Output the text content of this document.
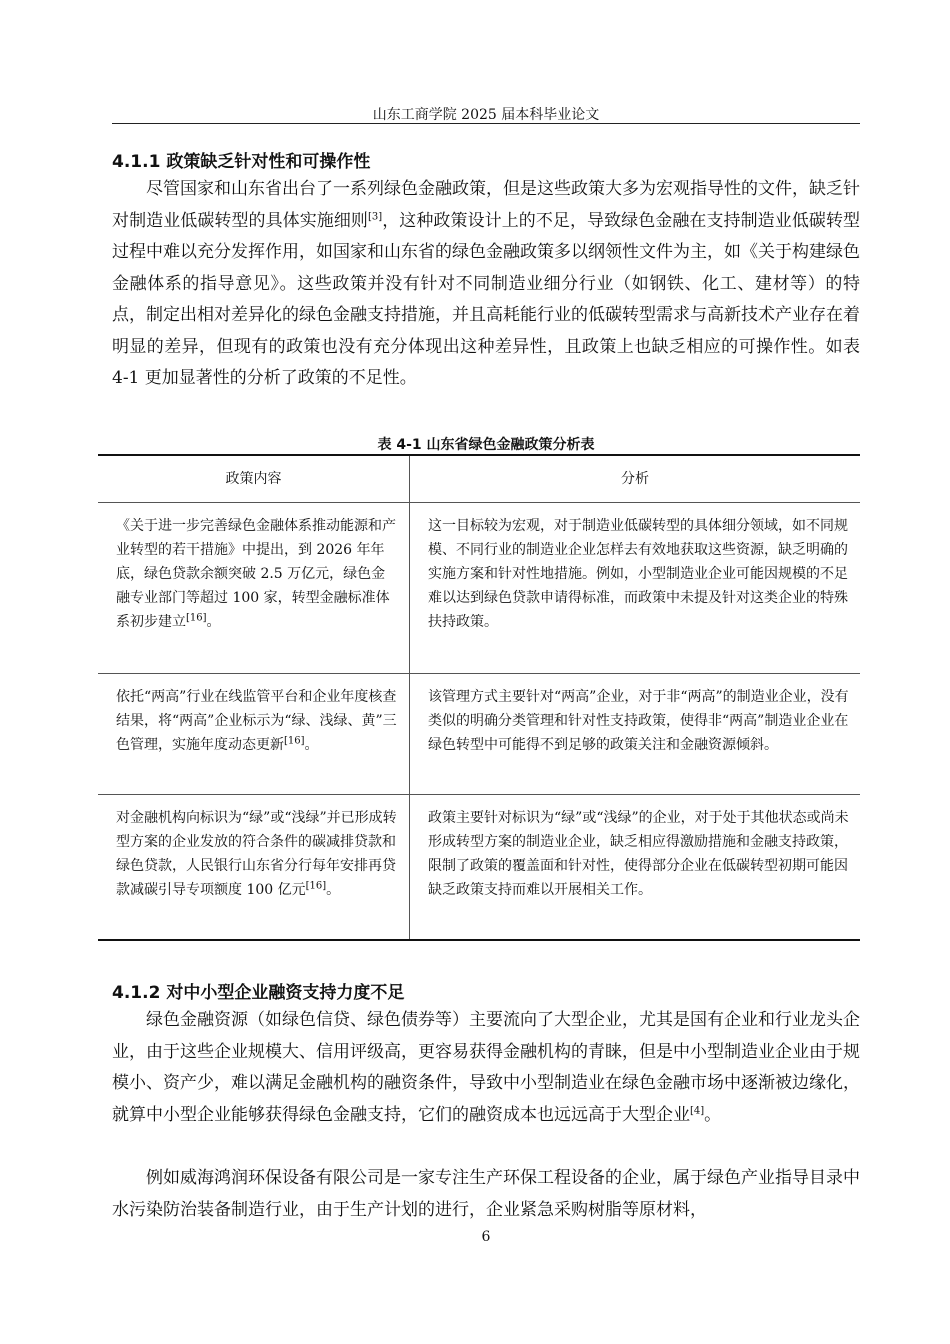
山东工商学院 2025 届本科毕业论文
4.1.1 政策缺乏针对性和可操作性

尽管国家和山东省出台了一系列绿色金融政策，但是这些政策大多为宏观指导性的文件，缺乏针对制造业低碳转型的具体实施细则[3]，这种政策设计上的不足，导致绿色金融在支持制造业低碳转型过程中难以充分发挥作用，如国家和山东省的绿色金融政策多以纲领性文件为主，如《关于构建绿色金融体系的指导意见》。这些政策并没有针对不同制造业细分行业（如钢铁、化工、建材等）的特点，制定出相对差异化的绿色金融支持措施，并且高耗能行业的低碳转型需求与高新技术产业存在着明显的差异，但现有的政策也没有充分体现出这种差异性，且政策上也缺乏相应的可操作性。如表 4-1 更加显著性的分析了政策的不足性。

表 4-1 山东省绿色金融政策分析表
政策内容	分析
《关于进一步完善绿色金融体系推动能源和产业转型的若干措施》中提出，到 2026 年年底，绿色贷款余额突破 2.5 万亿元，绿色金融专业部门等超过 100 家，转型金融标准体系初步建立[16]。	这一目标较为宏观，对于制造业低碳转型的具体细分领域，如不同规模、不同行业的制造业企业怎样去有效地获取这些资源，缺乏明确的实施方案和针对性地措施。例如，小型制造业企业可能因规模的不足难以达到绿色贷款申请得标准，而政策中未提及针对这类企业的特殊扶持政策。
依托“两高”行业在线监管平台和企业年度核查结果，将“两高”企业标示为“绿、浅绿、黄”三色管理，实施年度动态更新[16]。	该管理方式主要针对“两高”企业，对于非“两高”的制造业企业，没有类似的明确分类管理和针对性支持政策，使得非“两高”制造业企业在绿色转型中可能得不到足够的政策关注和金融资源倾斜。
对金融机构向标识为“绿”或“浅绿”并已形成转型方案的企业发放的符合条件的碳减排贷款和绿色贷款，人民银行山东省分行每年安排再贷款减碳引导专项额度 100 亿元[16]。	政策主要针对标识为“绿”或“浅绿”的企业，对于处于其他状态或尚未形成转型方案的制造业企业，缺乏相应得激励措施和金融支持政策，限制了政策的覆盖面和针对性，使得部分企业在低碳转型初期可能因缺乏政策支持而难以开展相关工作。
4.1.2 对中小型企业融资支持力度不足

绿色金融资源（如绿色信贷、绿色债券等）主要流向了大型企业，尤其是国有企业和行业龙头企业，由于这些企业规模大、信用评级高，更容易获得金融机构的青睐，但是中小型制造业企业由于规模小、资产少，难以满足金融机构的融资条件，导致中小型制造业在绿色金融市场中逐渐被边缘化，就算中小型企业能够获得绿色金融支持，它们的融资成本也远远高于大型企业[4]。

例如威海鸿润环保设备有限公司是一家专注生产环保工程设备的企业，属于绿色产业指导目录中水污染防治装备制造行业，由于生产计划的进行，企业紧急采购树脂等原材料，

6
